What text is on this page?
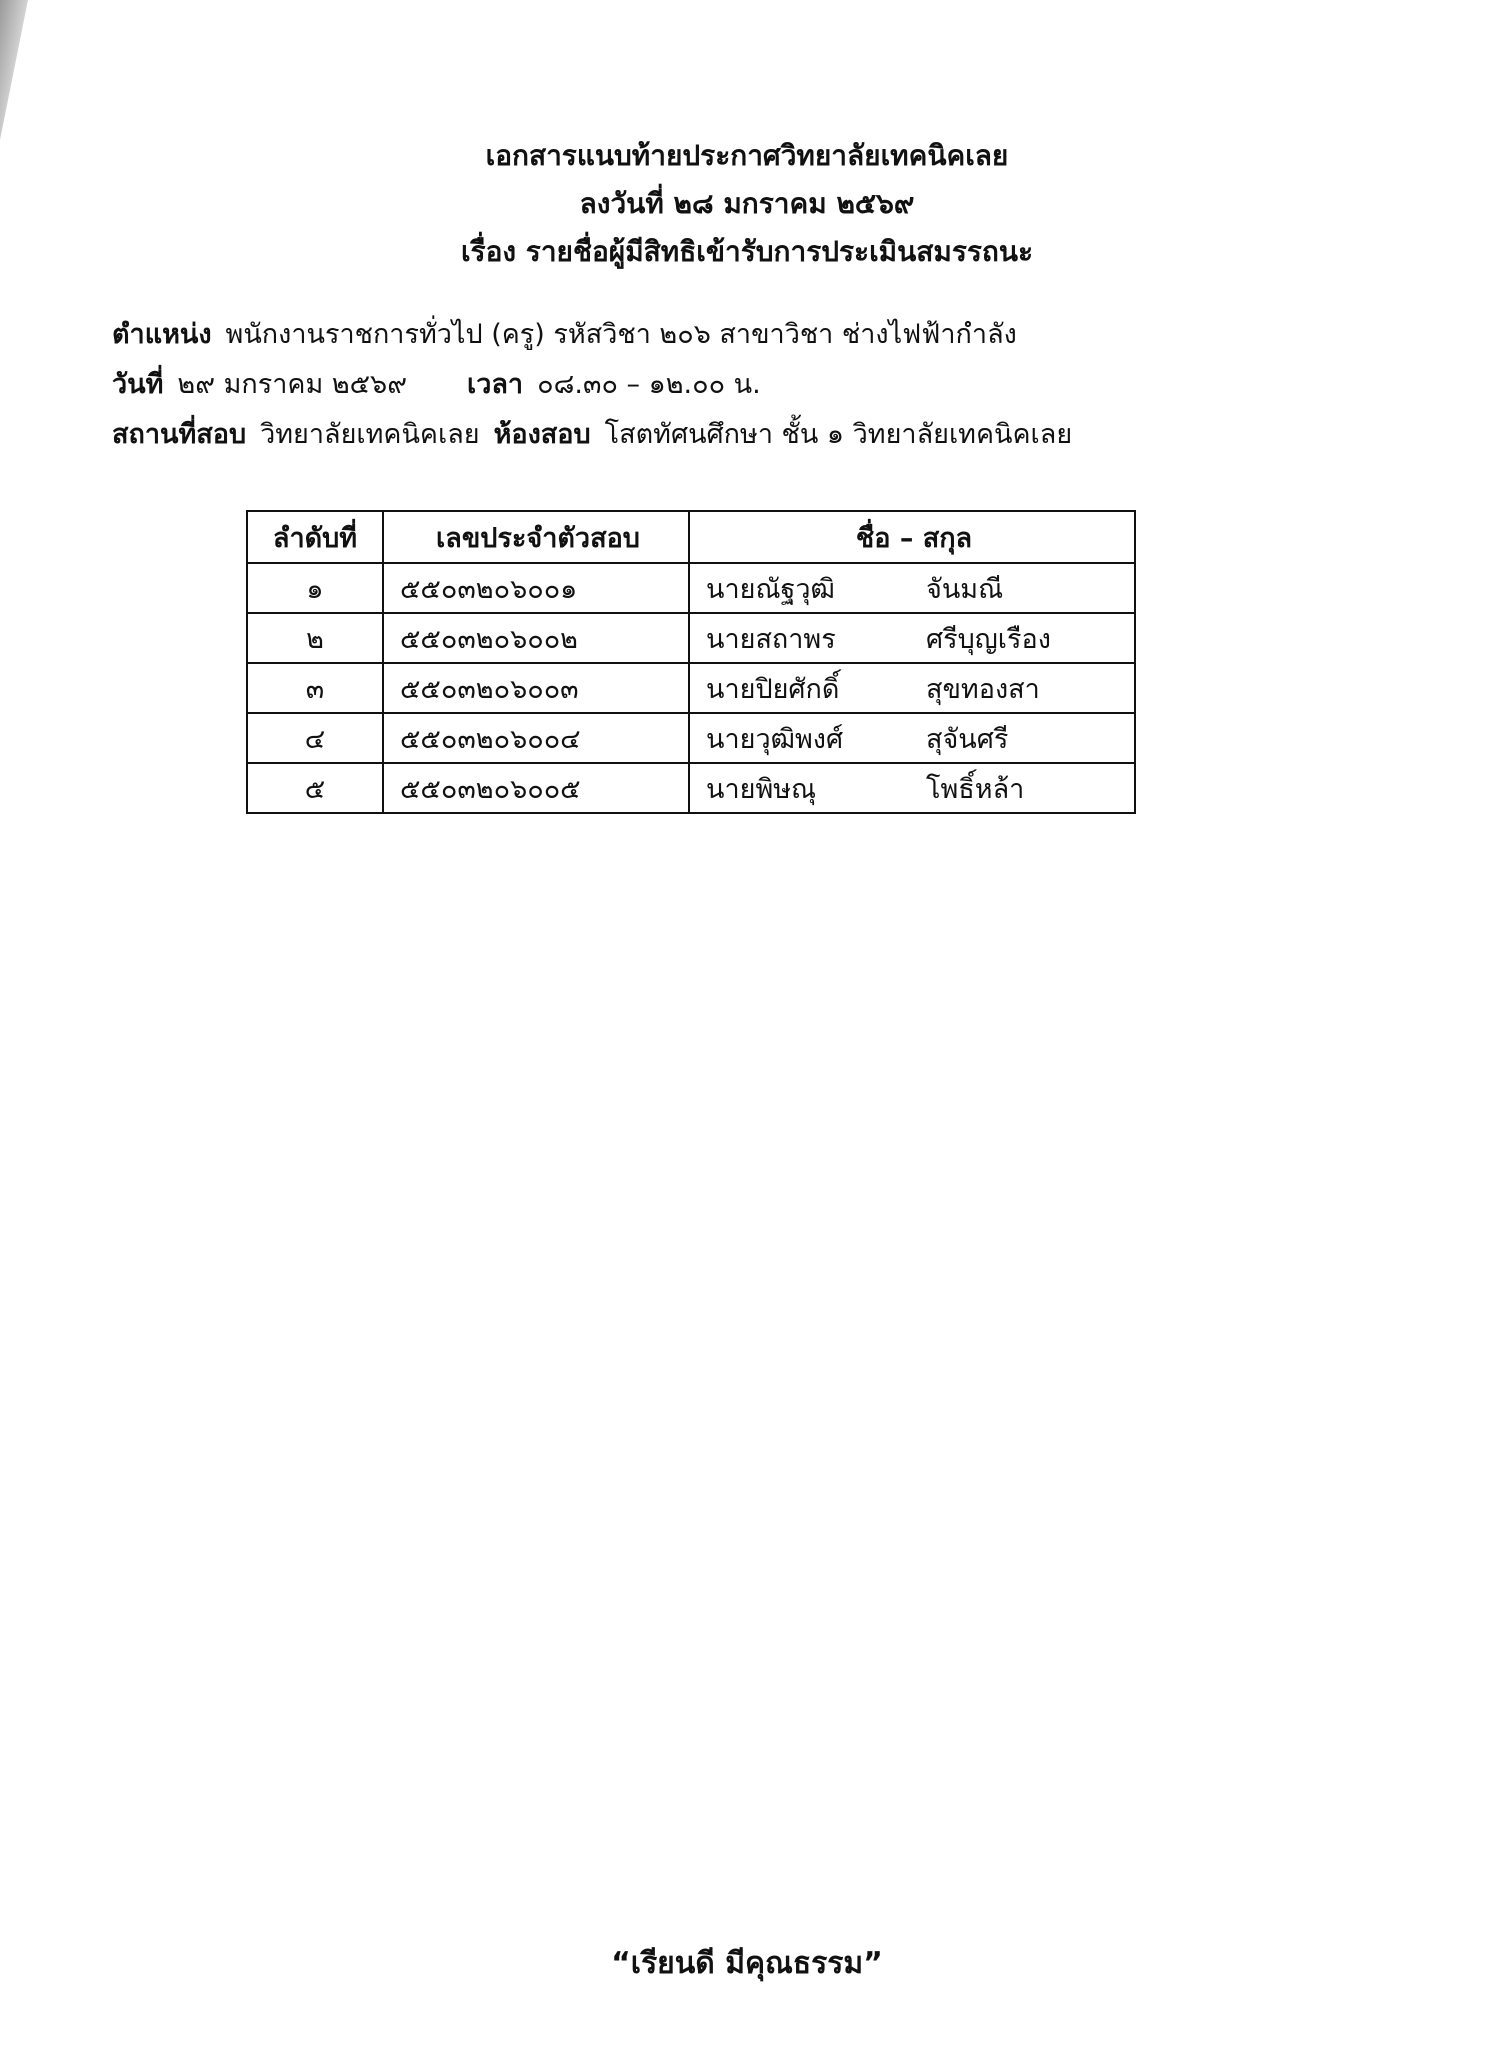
เอกสารแนบท้ายประกาศวิทยาลัยเทคนิคเลย
ลงวันที่ ๒๘ มกราคม ๒๕๖๙
เรื่อง รายชื่อผู้มีสิทธิเข้ารับการประเมินสมรรถนะ
ตำแหน่ง พนักงานราชการทั่วไป (ครู) รหัสวิชา ๒๐๖ สาขาวิชา ช่างไฟฟ้ากำลัง
วันที่ ๒๙ มกราคม ๒๕๖๙ เวลา ๐๘.๓๐ – ๑๒.๐๐ น.
สถานที่สอบ วิทยาลัยเทคนิคเลย ห้องสอบ โสตทัศนศึกษา ชั้น ๑ วิทยาลัยเทคนิคเลย
ลำดับที่	เลขประจำตัวสอบ	ชื่อ – สกุล
๑	๕๕๐๓๒๐๖๐๐๑	นายณัฐวุฒิ จันมณี
๒	๕๕๐๓๒๐๖๐๐๒	นายสถาพร ศรีบุญเรือง
๓	๕๕๐๓๒๐๖๐๐๓	นายปิยศักดิ์ สุขทองสา
๔	๕๕๐๓๒๐๖๐๐๔	นายวุฒิพงศ์ สุจันศรี
๕	๕๕๐๓๒๐๖๐๐๕	นายพิษณุ โพธิ์หล้า
“เรียนดี มีคุณธรรม”
